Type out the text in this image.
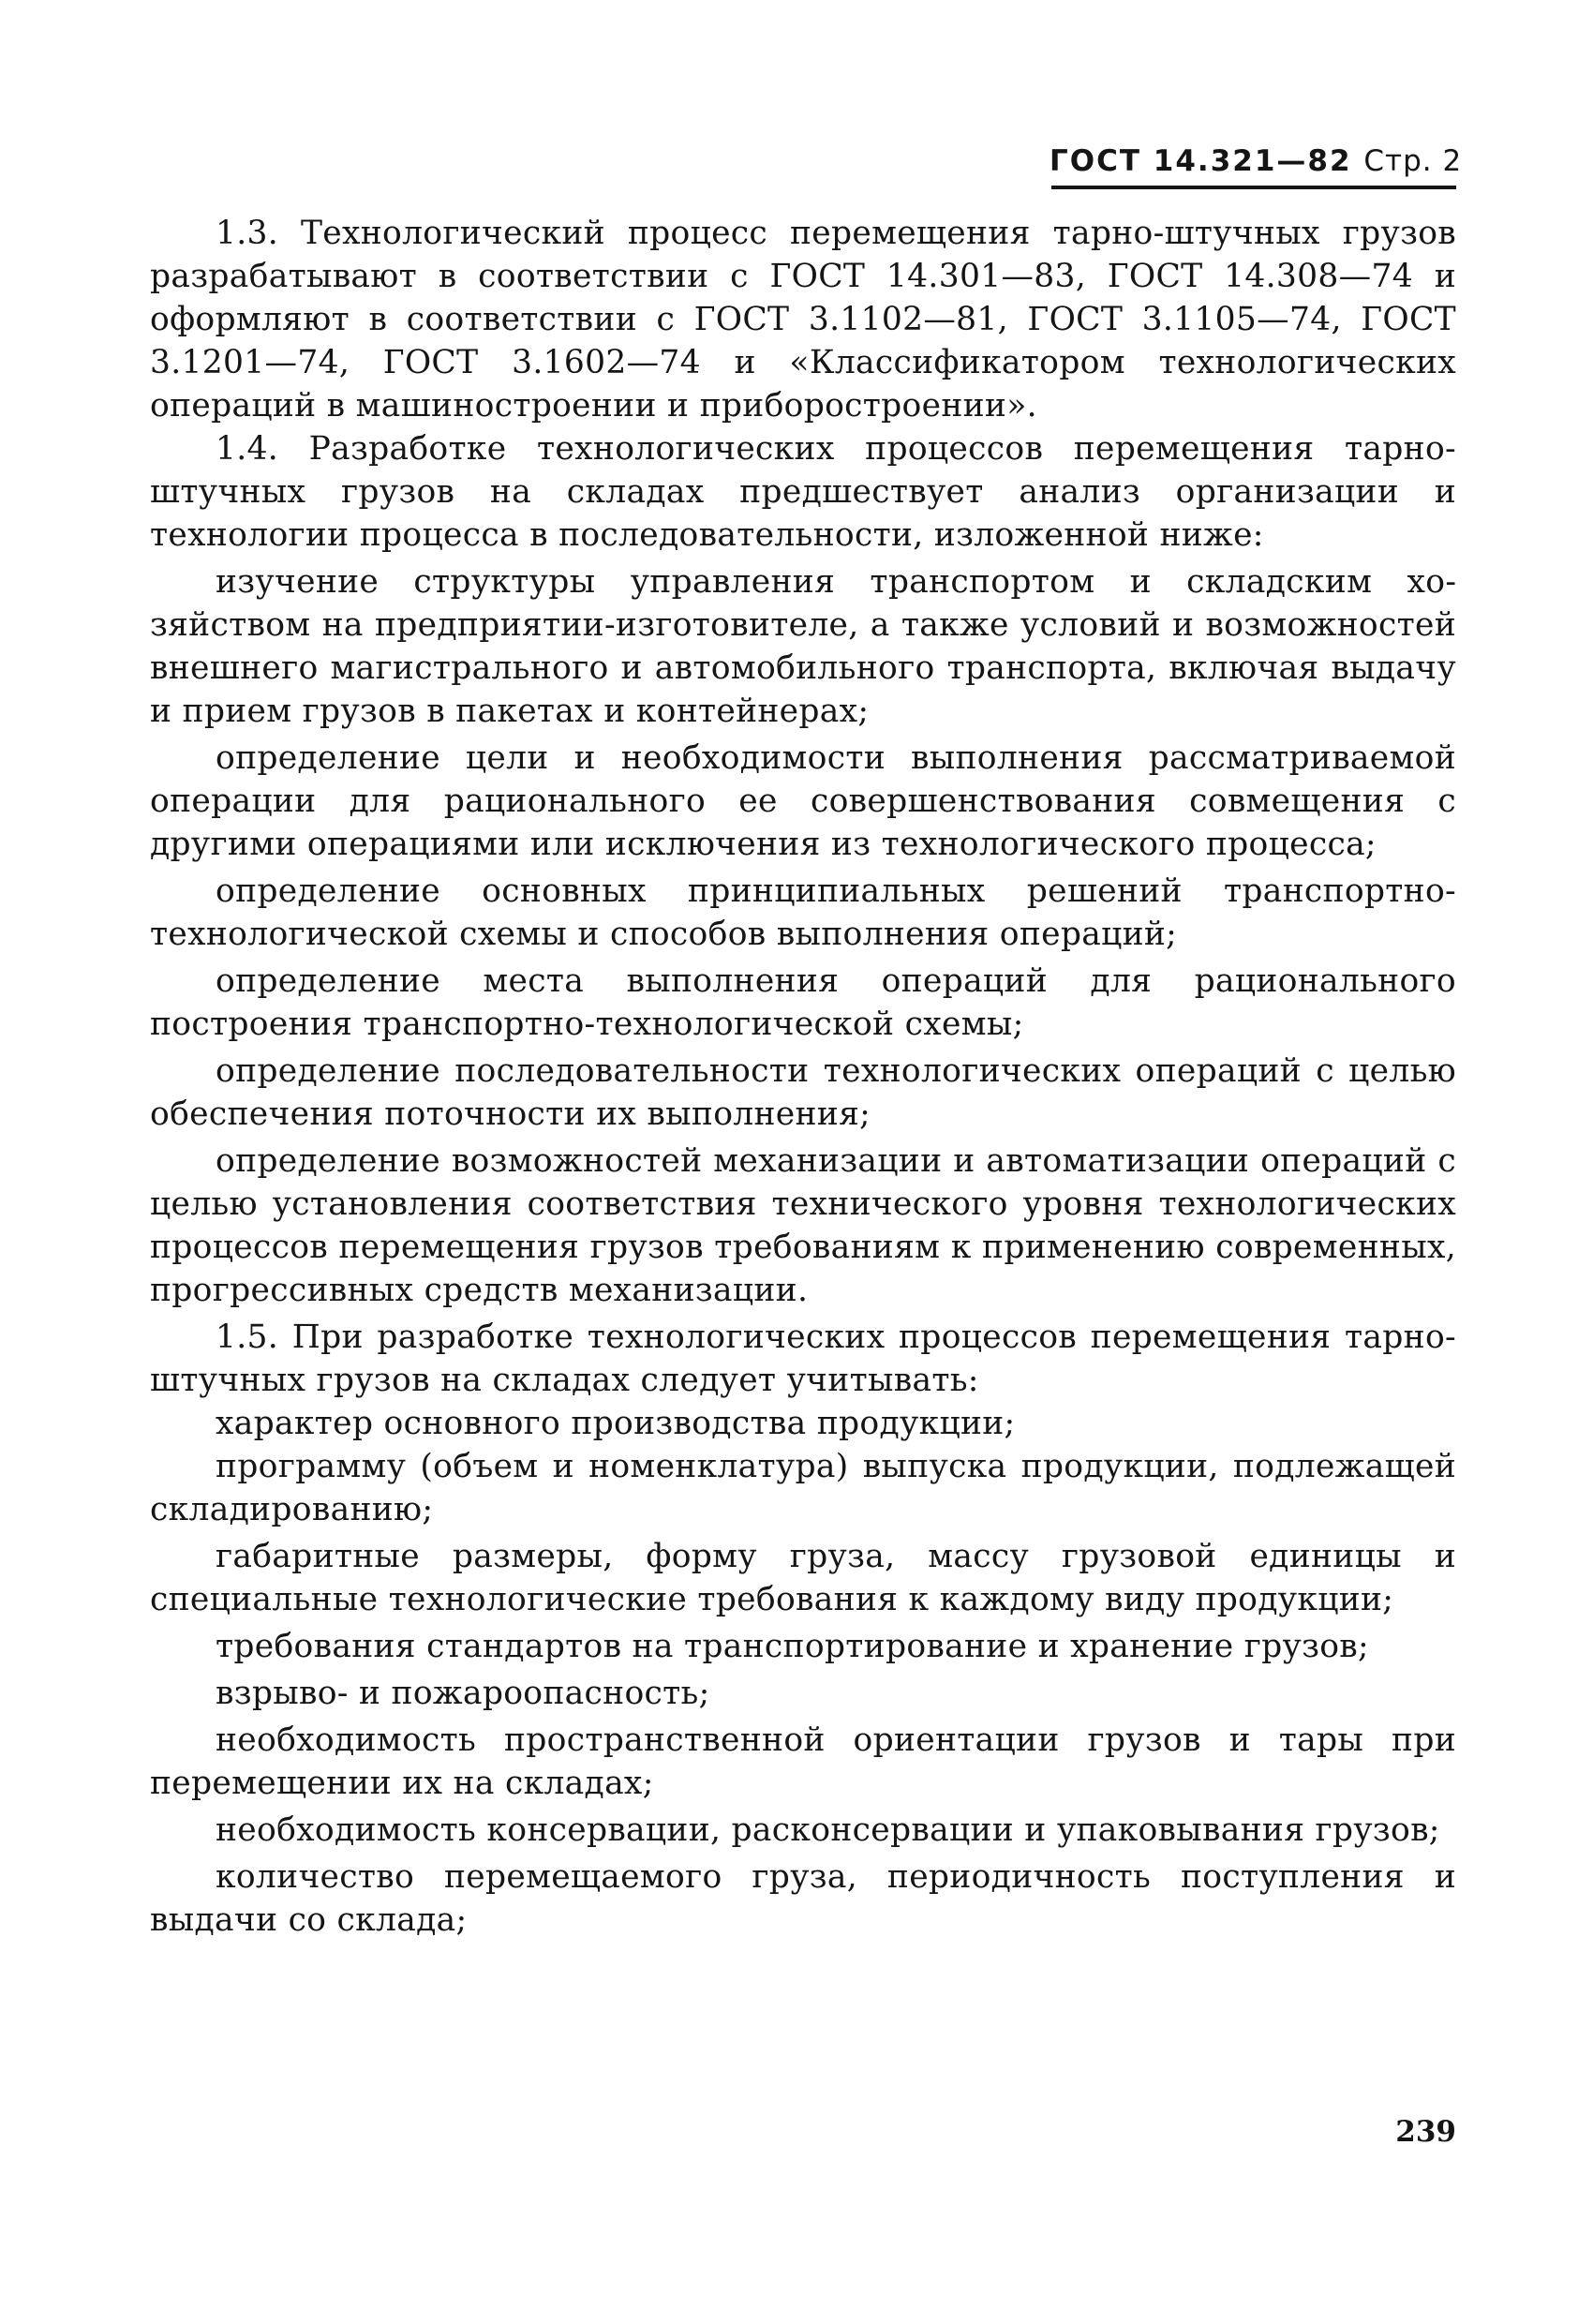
ГОСТ 14.321—82 Стр. 2

1.3. Технологический процесс перемещения тарно-штучных грузов разрабатывают в соответствии с ГОСТ 14.301—83, ГОСТ 14.308—74 и оформляют в соответствии с ГОСТ 3.1102—81, ГОСТ 3.1105—74, ГОСТ 3.1201—74, ГОСТ 3.1602—74 и «Классификатором технологических операций в машиностроении и приборостроении».

1.4. Разработке технологических процессов перемещения тарно-штучных грузов на складах предшествует анализ организации и технологии процесса в последовательности, изложенной ниже:

изучение структуры управления транспортом и складским хозяйством на предприятии-изготовителе, а также условий и возможностей внешнего магистрального и автомобильного транспорта, включая выдачу и прием грузов в пакетах и контейнерах;

определение цели и необходимости выполнения рассматриваемой операции для рационального ее совершенствования совмещения с другими операциями или исключения из технологического процесса;

определение основных принципиальных решений транспортно-технологической схемы и способов выполнения операций;

определение места выполнения операций для рационального построения транспортно-технологической схемы;

определение последовательности технологических операций с целью обеспечения поточности их выполнения;

определение возможностей механизации и автоматизации операций с целью установления соответствия технического уровня технологических процессов перемещения грузов требованиям к применению современных, прогрессивных средств механизации.

1.5. При разработке технологических процессов перемещения тарно-штучных грузов на складах следует учитывать:

характер основного производства продукции;

программу (объем и номенклатура) выпуска продукции, подлежащей складированию;

габаритные размеры, форму груза, массу грузовой единицы и специальные технологические требования к каждому виду продукции;

требования стандартов на транспортирование и хранение грузов;

взрыво- и пожароопасность;

необходимость пространственной ориентации грузов и тары при перемещении их на складах;

необходимость консервации, расконсервации и упаковывания грузов;

количество перемещаемого груза, периодичность поступления и выдачи со склада;

239
